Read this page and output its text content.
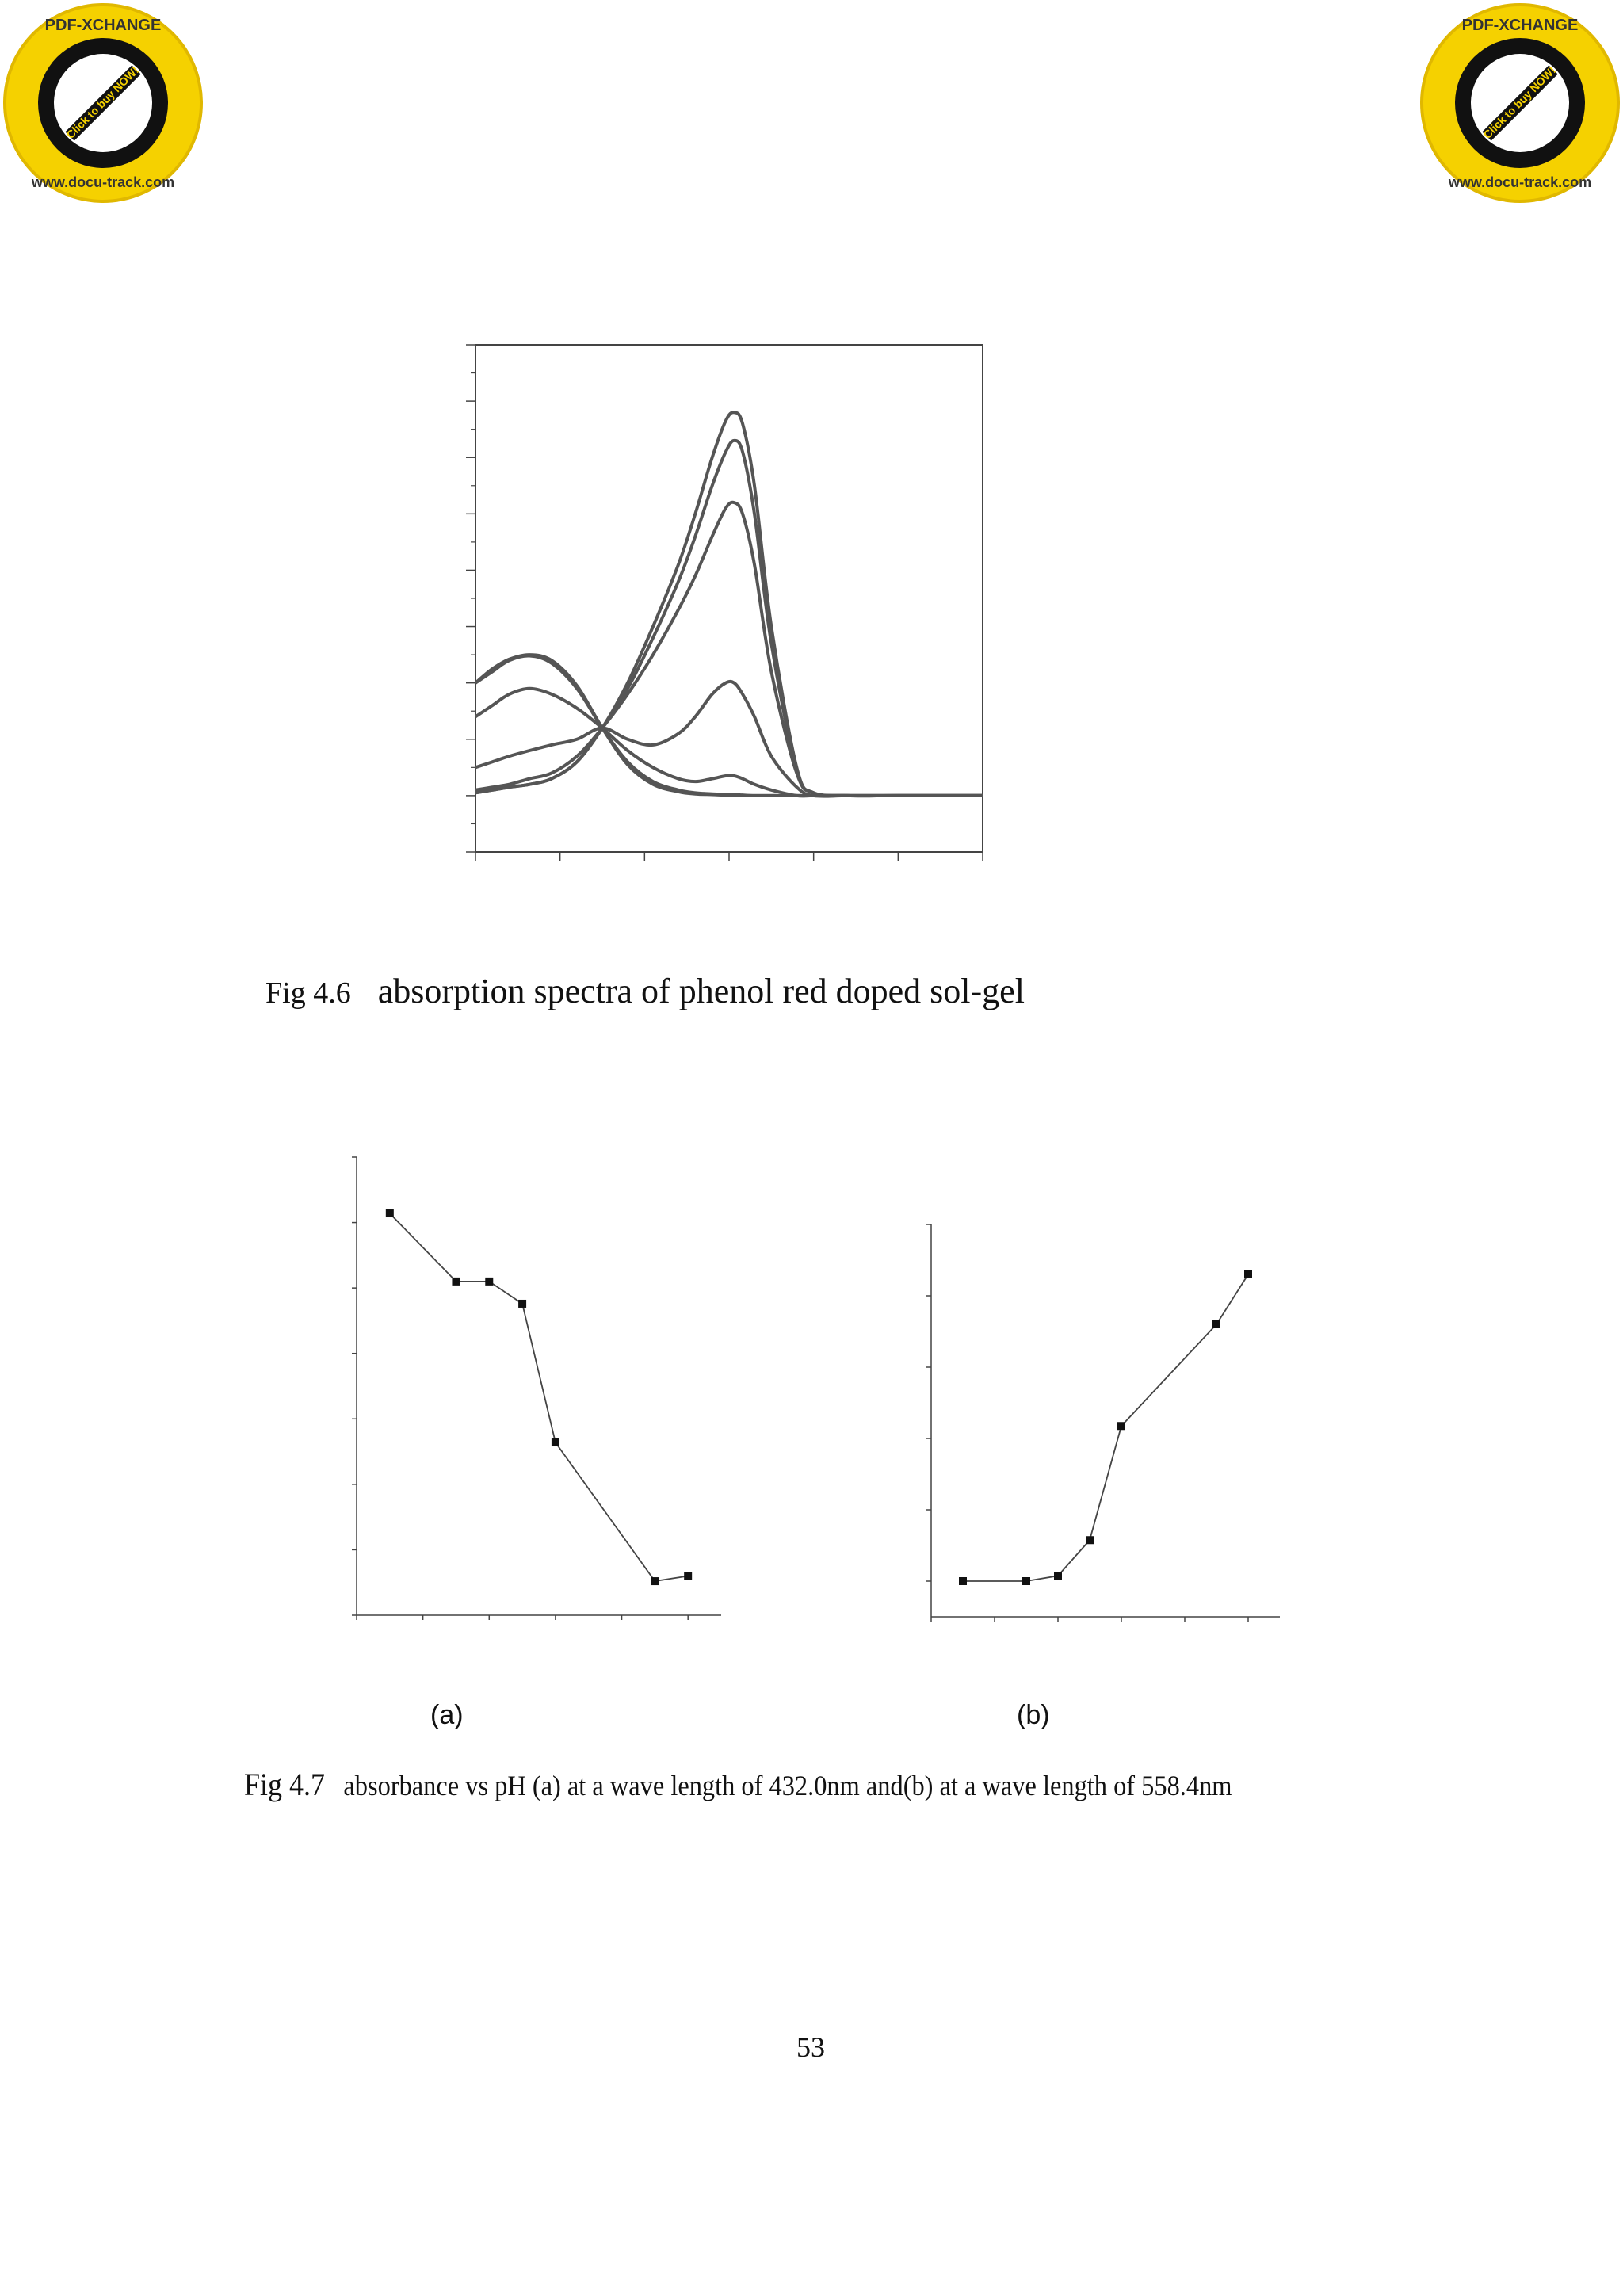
PDF-XCHANGE
Click to buy NOW!
www.docu-track.com
PDF-XCHANGE
Click to buy NOW!
www.docu-track.com
Fig 4.6 absorption spectra of phenol red doped sol-gel
(a)	(b)
Fig 4.7 absorbance vs pH (a) at a wave length of 432.0nm and(b) at a wave length of 558.4nm
53
